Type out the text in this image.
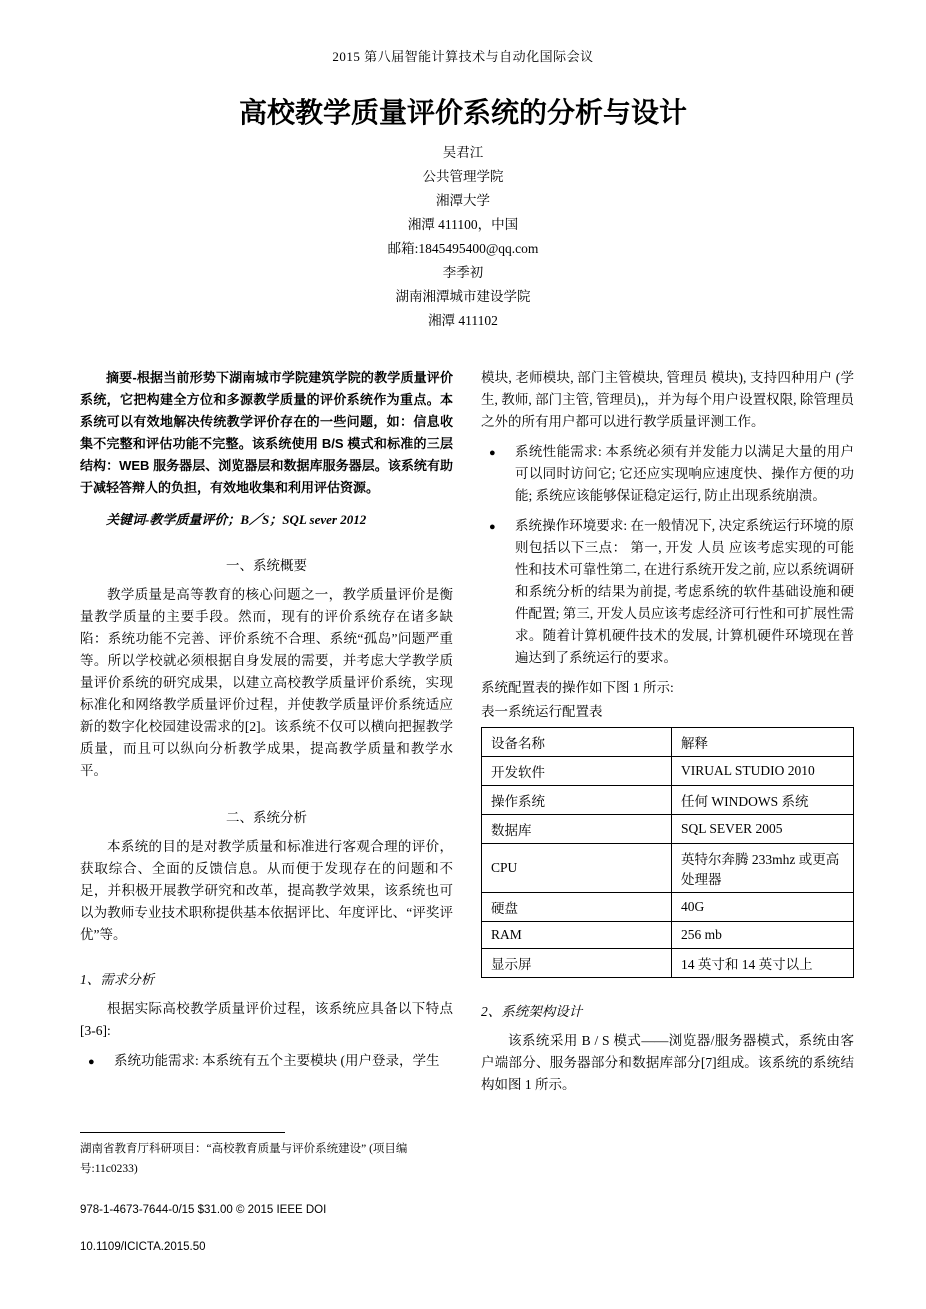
2015 第八届智能计算技术与自动化国际会议
高校教学质量评价系统的分析与设计
吴君江
公共管理学院
湘潭大学
湘潭 411100，中国
邮箱:1845495400@qq.com
李季初
湖南湘潭城市建设学院
湘潭 411102

摘要-根据当前形势下湖南城市学院建筑学院的教学质量评价系统，它把构建全方位和多源教学质量的评价系统作为重点。本系统可以有效地解决传统教学评价存在的一些问题，如：信息收集不完整和评估功能不完整。该系统使用 B/S 模式和标准的三层结构：WEB 服务器层、浏览器层和数据库服务器层。该系统有助于减轻答辩人的负担，有效地收集和利用评估资源。

关键词-教学质量评价；B／S；SQL sever 2012

一、系统概要

教学质量是高等教育的核心问题之一，教学质量评价是衡量教学质量的主要手段。然而，现有的评价系统存在诸多缺陷：系统功能不完善、评价系统不合理、系统“孤岛”问题严重等。所以学校就必须根据自身发展的需要，并考虑大学教学质量评价系统的研究成果，以建立高校教学质量评价系统，实现标准化和网络教学质量评价过程，并使教学质量评价系统适应新的数字化校园建设需求的[2]。该系统不仅可以横向把握教学质量，而且可以纵向分析教学成果，提高教学质量和教学水平。

二、系统分析

本系统的目的是对教学质量和标准进行客观合理的评价，获取综合、全面的反馈信息。从而便于发现存在的问题和不足，并积极开展教学研究和改革，提高教学效果，该系统也可以为教师专业技术职称提供基本依据评比、年度评比、“评奖评优”等。

1、需求分析

根据实际高校教学质量评价过程，该系统应具备以下特点[3-6]:

●
系统功能需求: 本系统有五个主要模块 (用户登录，学生

模块, 老师模块, 部门主管模块, 管理员 模块), 支持四种用户 (学生, 教师, 部门主管, 管理员),，并为每个用户设置权限, 除管理员之外的所有用户都可以进行教学质量评测工作。

●
系统性能需求: 本系统必须有并发能力以满足大量的用户可以同时访问它; 它还应实现响应速度快、操作方便的功能; 系统应该能够保证稳定运行, 防止出现系统崩溃。
●
系统操作环境要求: 在一般情况下, 决定系统运行环境的原则包括以下三点： 第一, 开发 人员 应该考虑实现的可能性和技术可靠性第二, 在进行系统开发之前, 应以系统调研和系统分析的结果为前提, 考虑系统的软件基础设施和硬件配置; 第三, 开发人员应该考虑经济可行性和可扩展性需求。随着计算机硬件技术的发展, 计算机硬件环境现在普遍达到了系统运行的要求。

系统配置表的操作如下图 1 所示:

表一系统运行配置表

设备名称	解释
开发软件	VIRUAL STUDIO 2010
操作系统	任何 WINDOWS 系统
数据库	SQL SEVER 2005
CPU	英特尔奔腾 233mhz 或更高处理器
硬盘	40G
RAM	256 mb
显示屏	14 英寸和 14 英寸以上
2、系统架构设计

该系统采用 B / S 模式——浏览器/服务器模式，系统由客户端部分、服务器部分和数据库部分[7]组成。该系统的系统结构如图 1 所示。

湖南省教育厅科研项目：“高校教育质量与评价系统建设” (项目编号:11c0233)
978-1-4673-7644-0/15 $31.00 © 2015 IEEE DOI
10.1109/ICICTA.2015.50
